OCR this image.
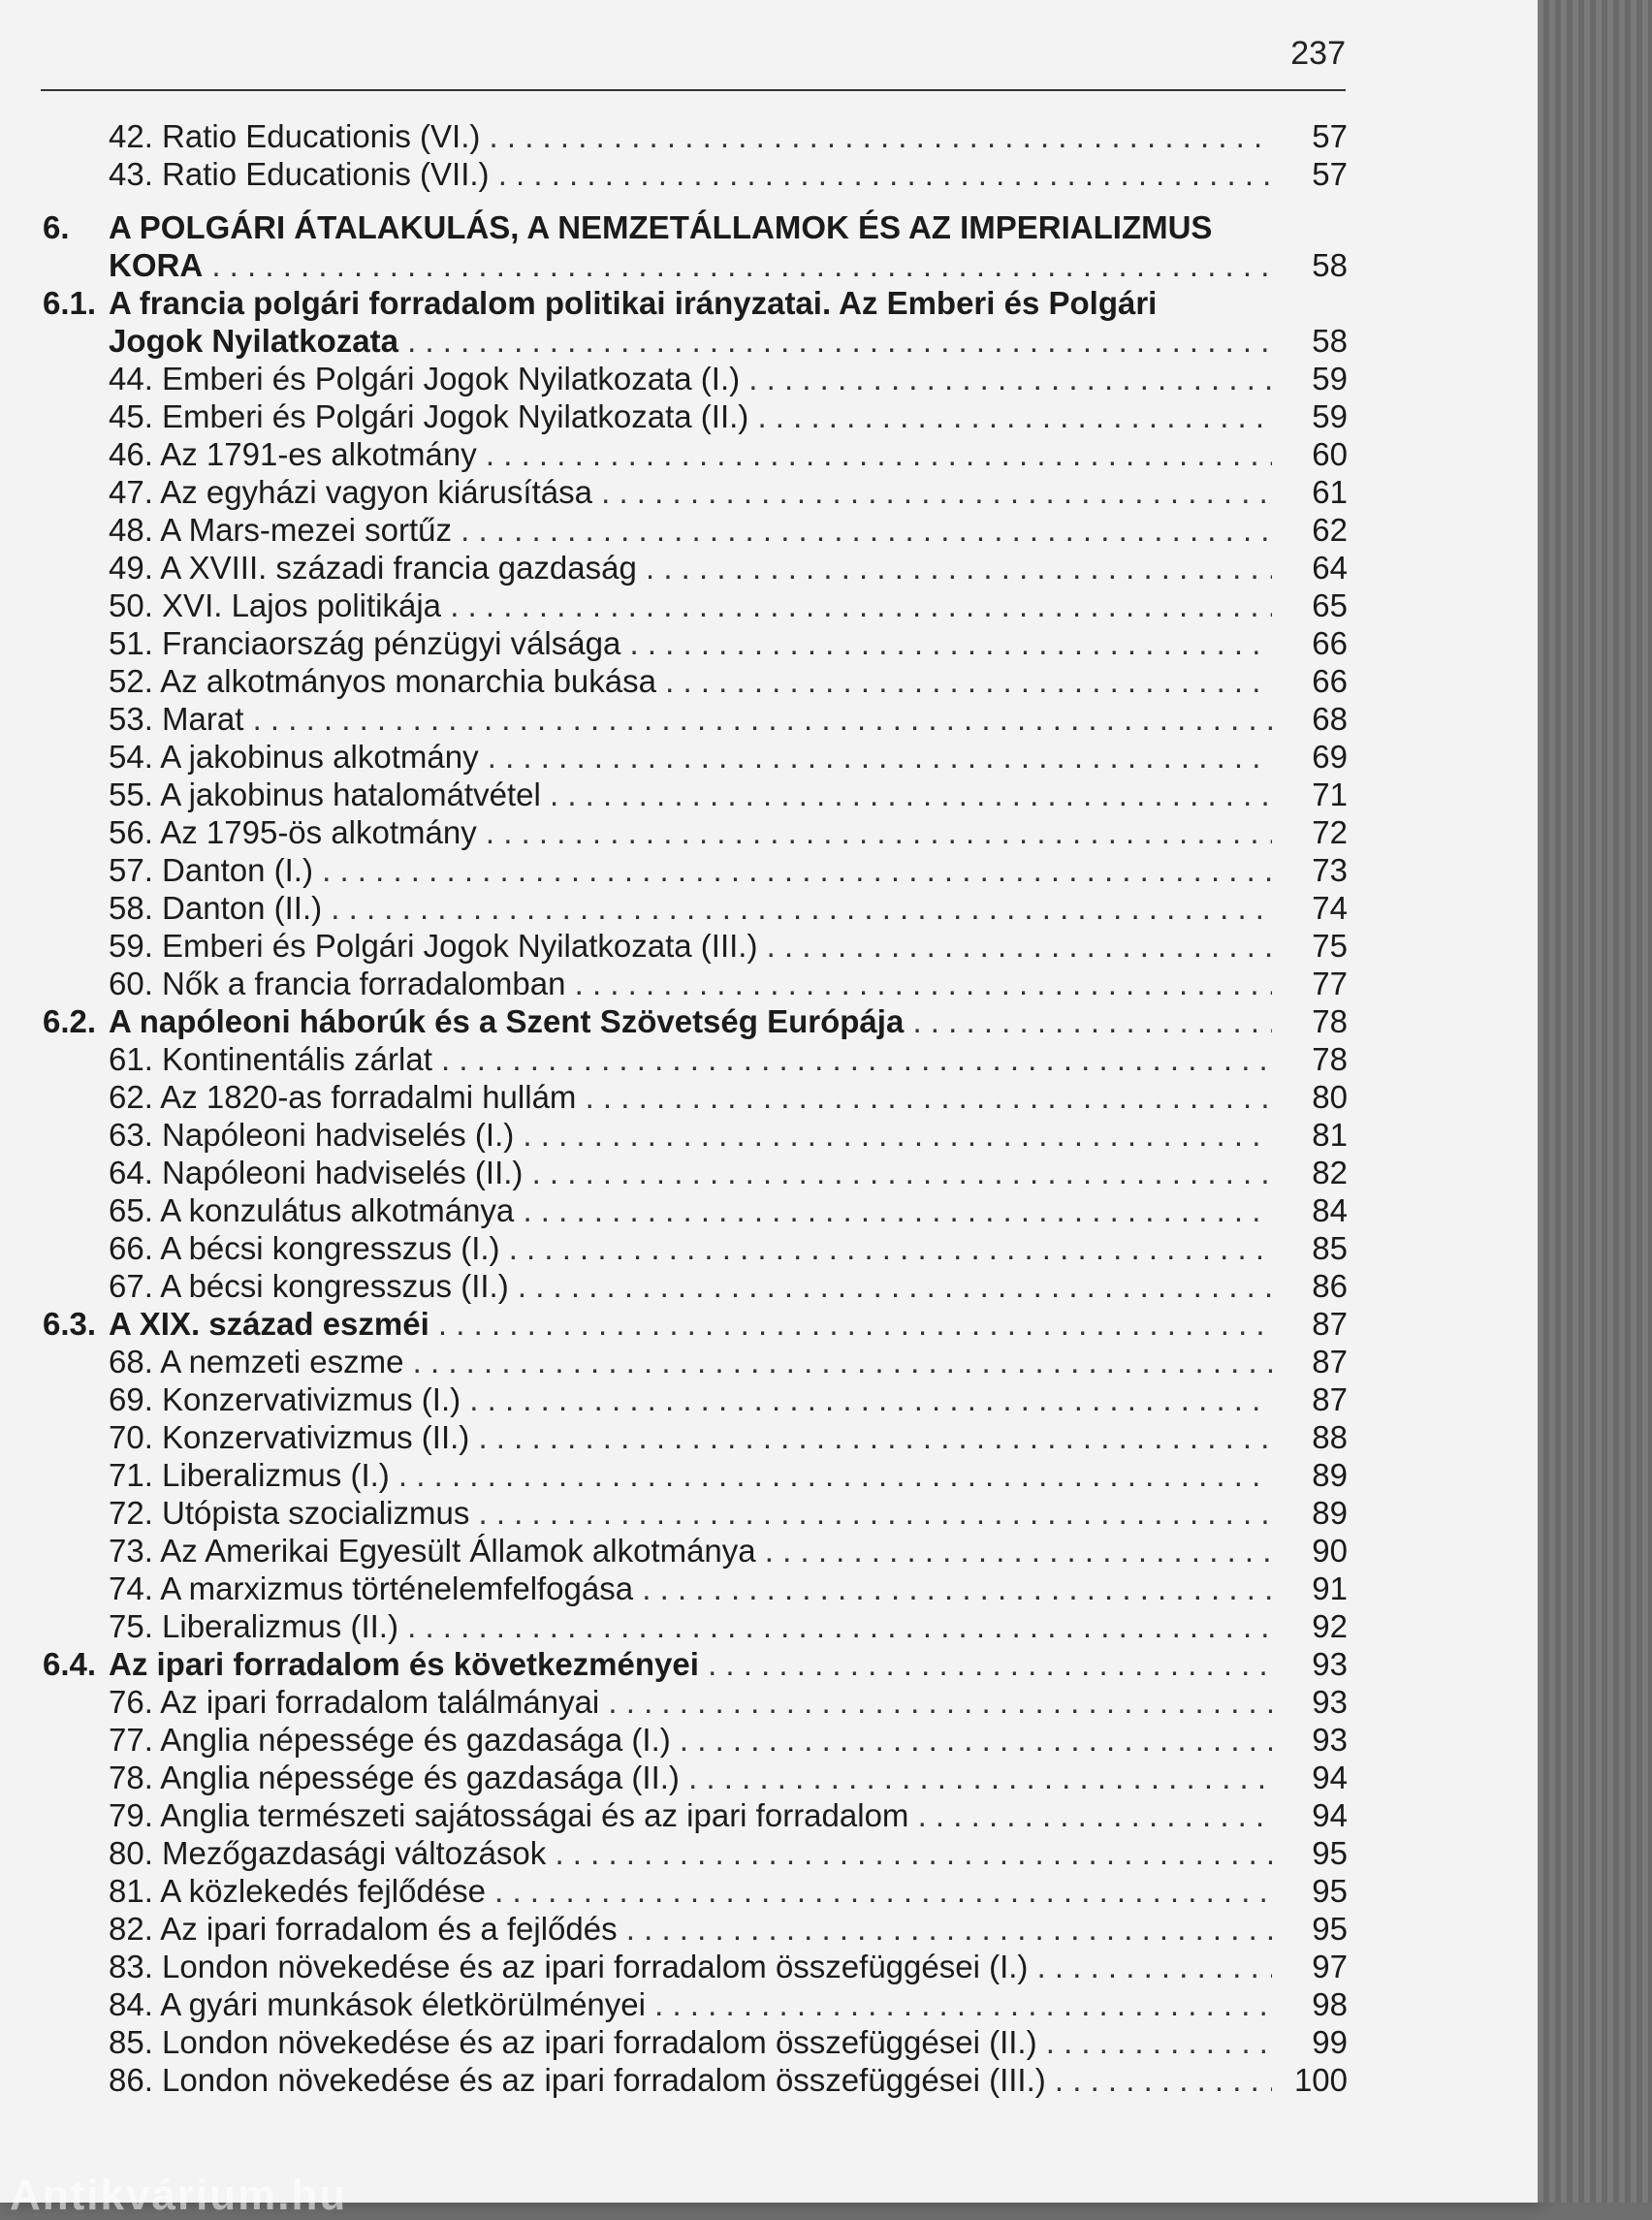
237
42. Ratio Educationis (VI.) . . .	57
43. Ratio Educationis (VII.) . . .	57
6. A POLGÁRI ÁTALAKULÁS, A NEMZETÁLLAMOK ÉS AZ IMPERIALIZMUS
KORA . . .	58
6.1. A francia polgári forradalom politikai irányzatai. Az Emberi és Polgári
Jogok Nyilatkozata . . .	58
44. Emberi és Polgári Jogok Nyilatkozata (I.) . . .	59
45. Emberi és Polgári Jogok Nyilatkozata (II.) . . .	59
46. Az 1791-es alkotmány . . .	60
47. Az egyházi vagyon kiárusítása . . .	61
48. A Mars-mezei sortűz . . .	62
49. A XVIII. századi francia gazdaság . . .	64
50. XVI. Lajos politikája . . .	65
51. Franciaország pénzügyi válsága . . .	66
52. Az alkotmányos monarchia bukása . . .	66
53. Marat . . .	68
54. A jakobinus alkotmány . . .	69
55. A jakobinus hatalomátvétel . . .	71
56. Az 1795-ös alkotmány . . .	72
57. Danton (I.) . . .	73
58. Danton (II.) . . .	74
59. Emberi és Polgári Jogok Nyilatkozata (III.) . . .	75
60. Nők a francia forradalomban . . .	77
6.2. A napóleoni háborúk és a Szent Szövetség Európája . . .	78
61. Kontinentális zárlat . . .	78
62. Az 1820-as forradalmi hullám . . .	80
63. Napóleoni hadviselés (I.) . . .	81
64. Napóleoni hadviselés (II.) . . .	82
65. A konzulátus alkotmánya . . .	84
66. A bécsi kongresszus (I.) . . .	85
67. A bécsi kongresszus (II.) . . .	86
6.3. A XIX. század eszméi . . .	87
68. A nemzeti eszme . . .	87
69. Konzervativizmus (I.) . . .	87
70. Konzervativizmus (II.) . . .	88
71. Liberalizmus (I.) . . .	89
72. Utópista szocializmus . . .	89
73. Az Amerikai Egyesült Államok alkotmánya . . .	90
74. A marxizmus történelemfelfogása . . .	91
75. Liberalizmus (II.) . . .	92
6.4. Az ipari forradalom és következményei . . .	93
76. Az ipari forradalom találmányai . . .	93
77. Anglia népessége és gazdasága (I.) . . .	93
78. Anglia népessége és gazdasága (II.) . . .	94
79. Anglia természeti sajátosságai és az ipari forradalom . . .	94
80. Mezőgazdasági változások . . .	95
81. A közlekedés fejlődése . . .	95
82. Az ipari forradalom és a fejlődés . . .	95
83. London növekedése és az ipari forradalom összefüggései (I.) . . .	97
84. A gyári munkások életkörülményei . . .	98
85. London növekedése és az ipari forradalom összefüggései (II.) . . .	99
86. London növekedése és az ipari forradalom összefüggései (III.) . . .	100
Antikvárium.hu
